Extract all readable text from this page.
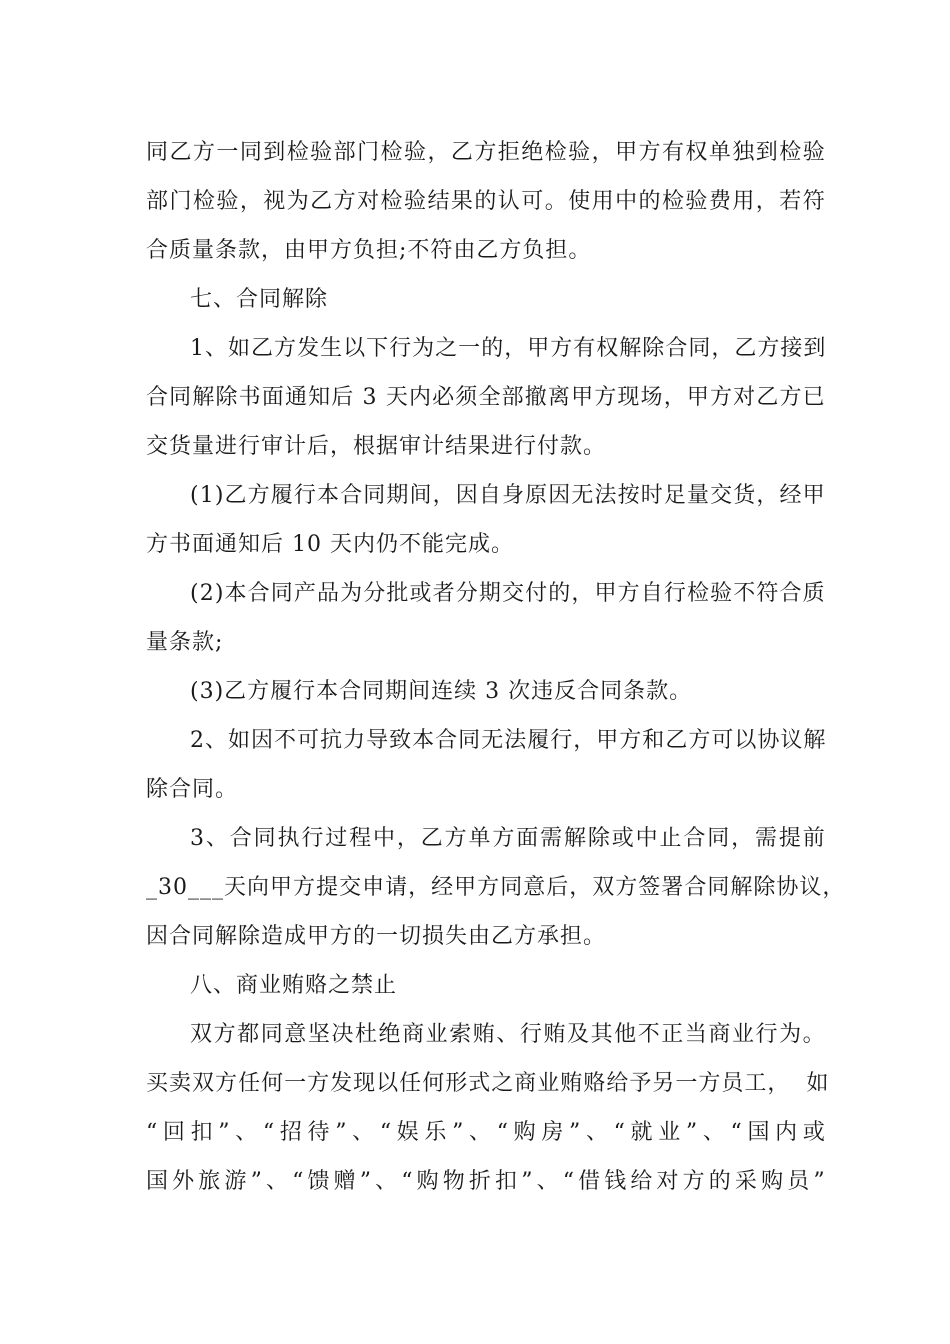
同 乙 方 一 同 到 检 验 部 门 检 验 ， 乙 方 拒 绝 检 验 ， 甲 方 有 权 单 独 到 检 验
部 门 检 验 ， 视 为 乙 方 对 检 验 结 果 的 认 可 。 使 用 中 的 检 验 费 用 ， 若 符
合质量条款，由甲方负担;不符由乙方负担。
七、合同解除
1 、 如 乙 方 发 生 以 下 行 为 之 一 的 ， 甲 方 有 权 解 除 合 同 ， 乙 方 接 到
合 同 解 除 书 面 通 知 后
3
天 内 必 须 全 部 撤 离 甲 方 现 场 ， 甲 方 对 乙 方 已
交货量进行审计后，根据审计结果进行付款。
( 1 ) 乙 方 履 行 本 合 同 期 间 ， 因 自 身 原 因 无 法 按 时 足 量 交 货 ， 经 甲
方书面通知后 10 天内仍不能完成。
( 2 ) 本 合 同 产 品 为 分 批 或 者 分 期 交 付 的 ， 甲 方 自 行 检 验 不 符 合 质
量条款;
(3)乙方履行本合同期间连续 3 次违反合同条款。
2 、 如 因 不 可 抗 力 导 致 本 合 同 无 法 履 行 ， 甲 方 和 乙 方 可 以 协 议 解
除合同。
3 、 合 同 执 行 过 程 中 ， 乙 方 单 方 面 需 解 除 或 中 止 合 同 ， 需 提 前
_ 3 0 _ _ _ 天 向 甲 方 提 交 申 请 ， 经 甲 方 同 意 后 ， 双 方 签 署 合 同 解 除 协 议 ，
因合同解除造成甲方的一切损失由乙方承担。
八、商业贿赂之禁止
双 方 都 同 意 坚 决 杜 绝 商 业 索 贿 、 行 贿 及 其 他 不 正 当 商 业 行 为 。
买 卖 双 方 任 何 一 方 发 现 以 任 何 形 式 之 商 业 贿 赂 给 予 另 一 方 员 工 ，

如
“ 回 扣 ” 、 “ 招 待 ” 、 “ 娱 乐 ” 、 “ 购 房 ” 、 “ 就 业 ” 、 “ 国 内 或
国 外 旅 游 ” 、 “ 馈 赠 ” 、 “ 购 物 折 扣 ” 、 “ 借 钱 给 对 方 的 采 购 员 ”
